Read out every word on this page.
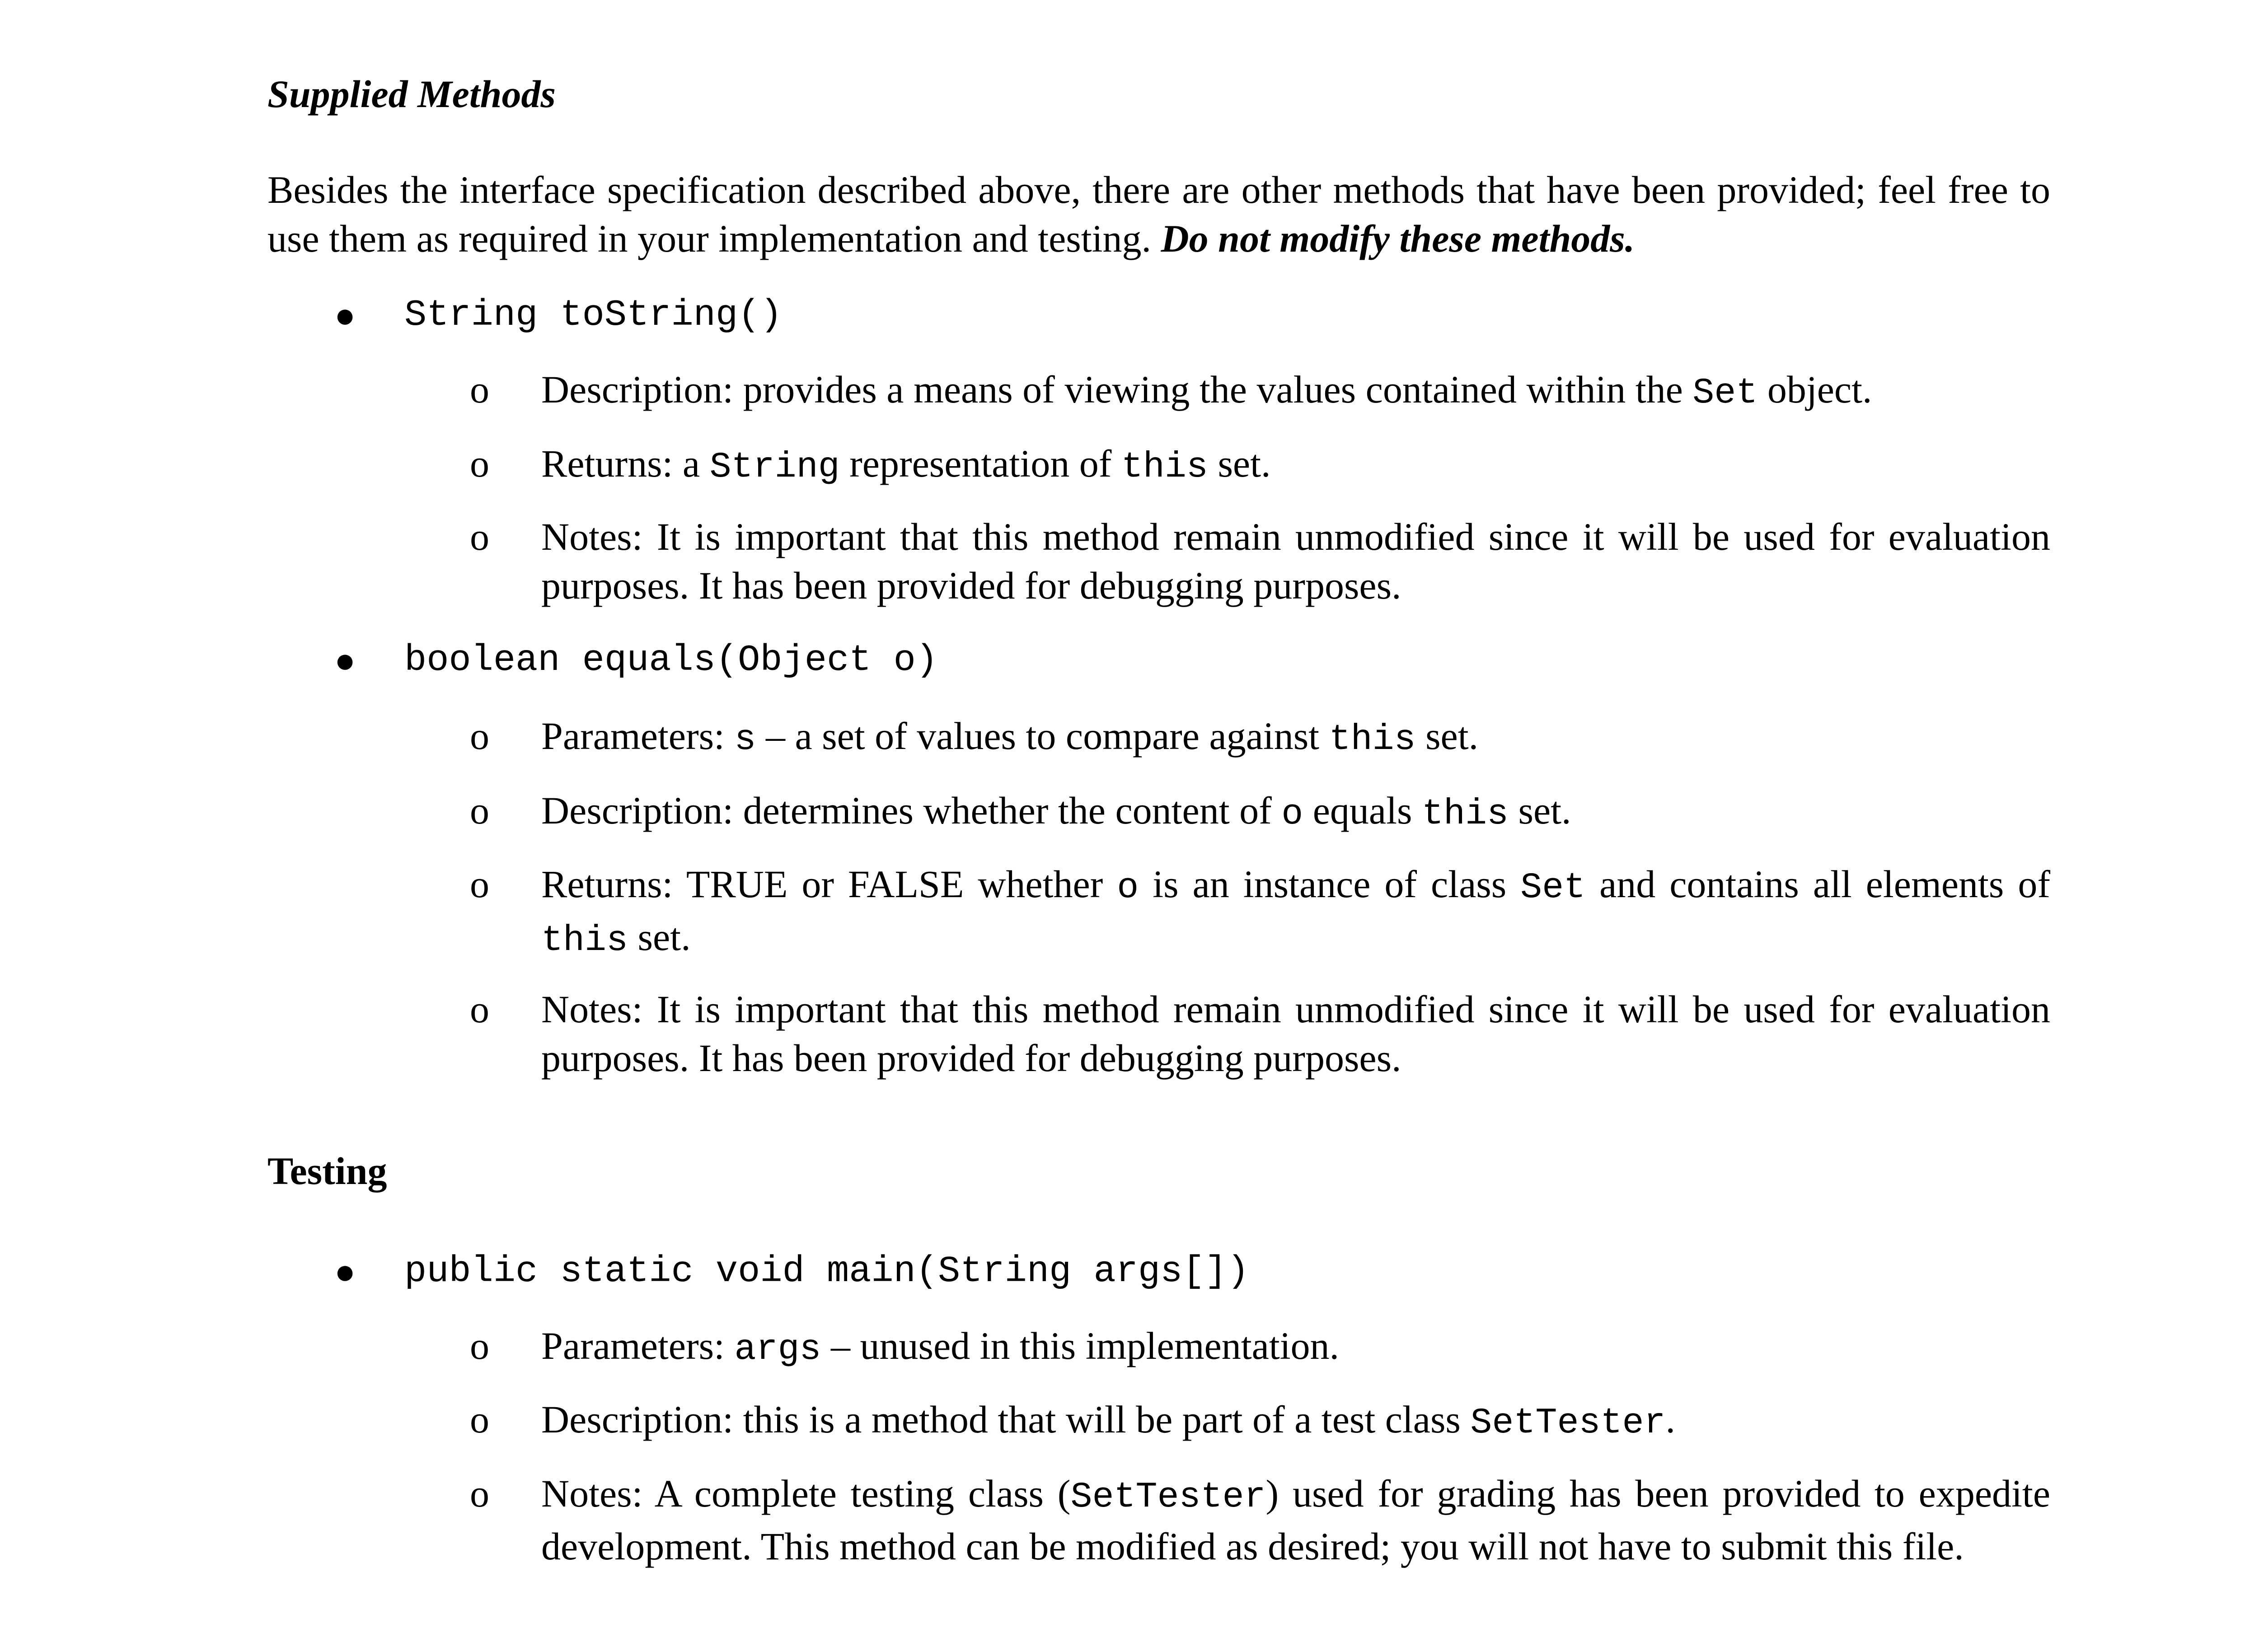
Supplied Methods
Besides the interface specification described above, there are other methods that have been provided; feel free to use them as required in your implementation and testing. Do not modify these methods.
● String toString()
o Description: provides a means of viewing the values contained within the Set object.
o Returns: a String representation of this set.
o Notes: It is important that this method remain unmodified since it will be used for evaluation purposes. It has been provided for debugging purposes.
● boolean equals(Object o)
o Parameters: s – a set of values to compare against this set.
o Description: determines whether the content of o equals this set.
o Returns: TRUE or FALSE whether o is an instance of class Set and contains all elements of this set.
o Notes: It is important that this method remain unmodified since it will be used for evaluation purposes. It has been provided for debugging purposes.
Testing
● public static void main(String args[])
o Parameters: args – unused in this implementation.
o Description: this is a method that will be part of a test class SetTester.
o Notes: A complete testing class (SetTester) used for grading has been provided to expedite development. This method can be modified as desired; you will not have to submit this file.
